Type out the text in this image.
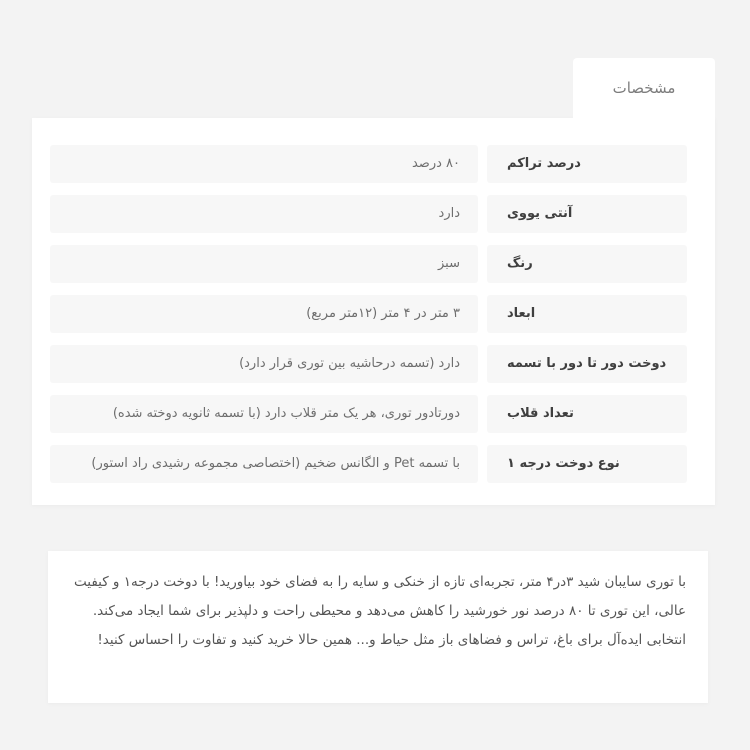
مشخصات
درصد تراکم
۸۰ درصد
آنتی یووی
دارد
رنگ
سبز
ابعاد
۳ متر در ۴ متر (۱۲متر مربع)
دوخت دور تا دور با تسمه
دارد (تسمه درحاشیه بین توری قرار دارد)
تعداد قلاب
دورتادور توری، هر یک متر قلاب دارد (با تسمه ثانویه دوخته شده)
نوع دوخت درجه ۱
با تسمه Pet و الگانس ضخیم (اختصاصی مجموعه رشیدی راد استور)

با توری سایبان شید ۳در۴ متر، تجربه‌ای تازه از خنکی و سایه را به فضای خود بیاورید! با دوخت درجه۱ و کیفیت عالی، این توری تا ۸۰ درصد نور خورشید را کاهش می‌دهد و محیطی راحت و دلپذیر برای شما ایجاد می‌کند. انتخابی ایده‌آل برای باغ، تراس و فضاهای باز مثل حیاط و... همین حالا خرید کنید و تفاوت را احساس کنید!
